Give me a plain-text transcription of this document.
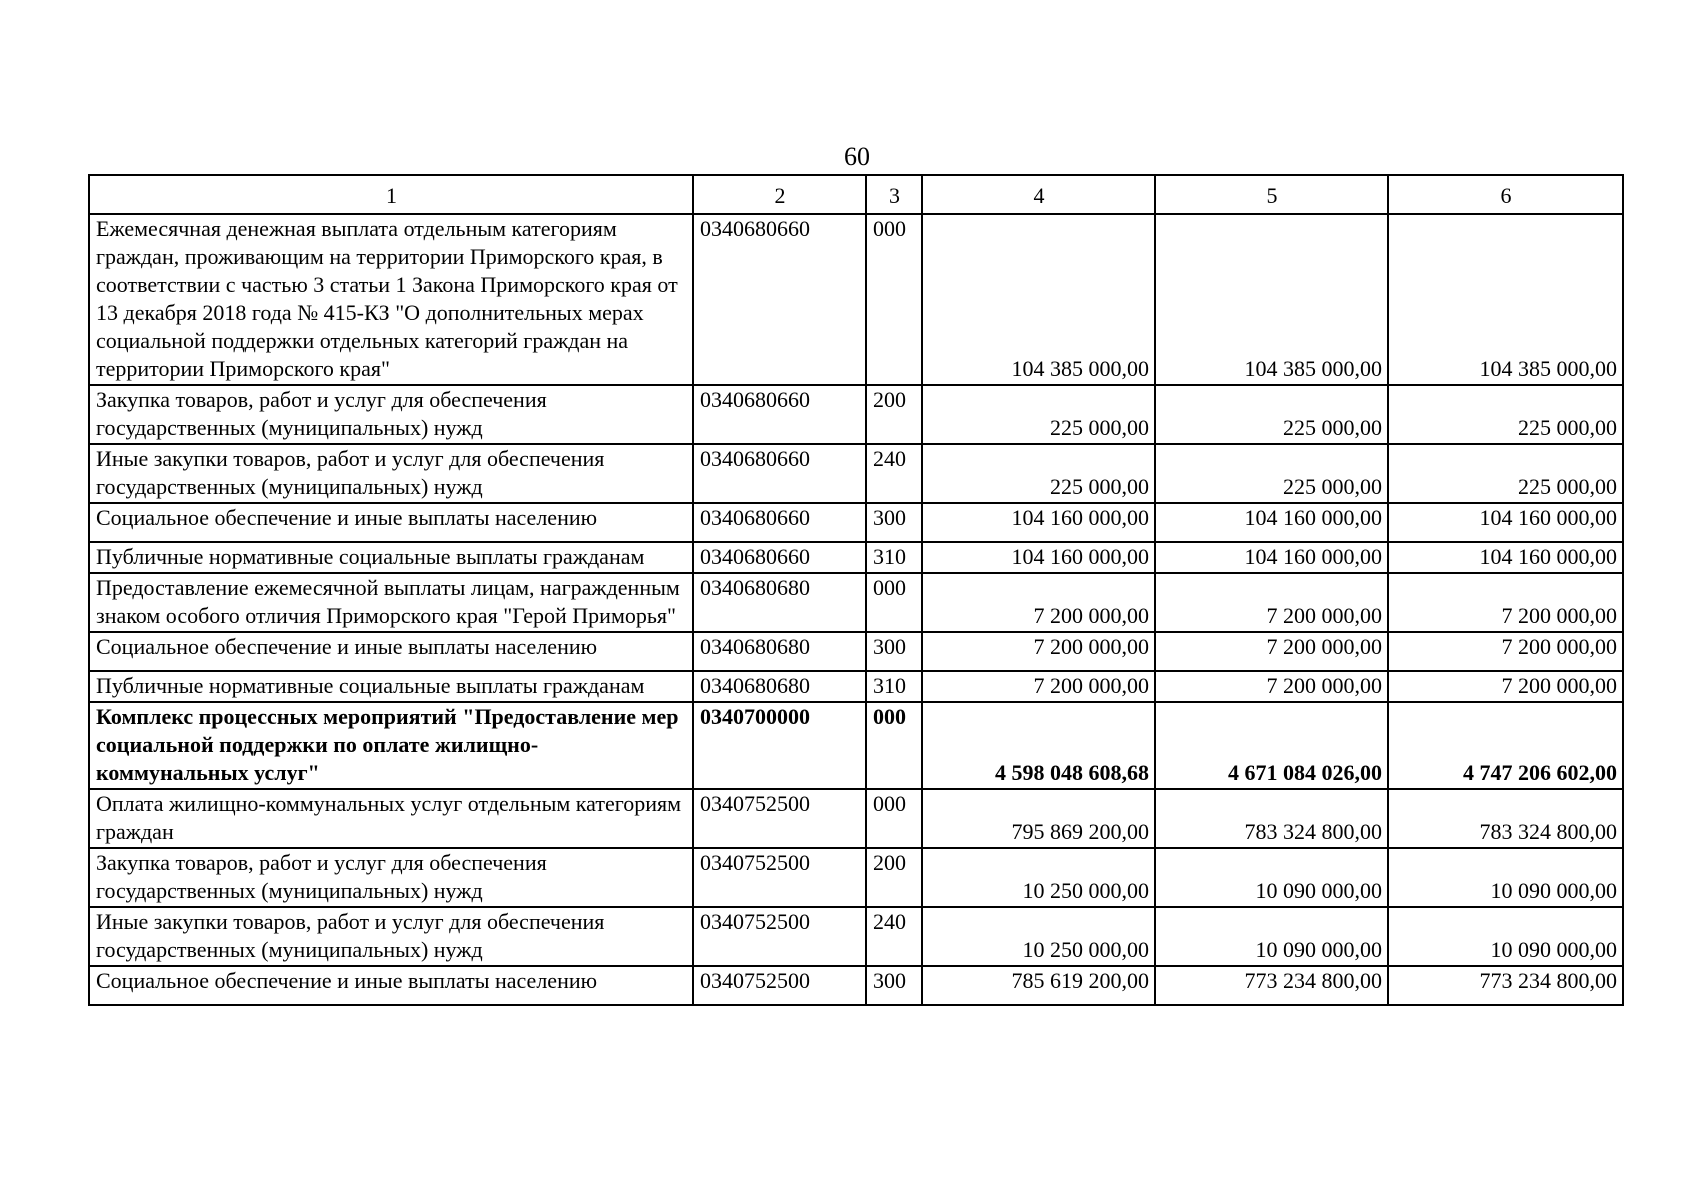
60
1	2	3	4	5	6
Ежемесячная денежная выплата отдельным категориям граждан, проживающим на территории Приморского края, в соответствии с частью 3 статьи 1 Закона Приморского края от 13 декабря 2018 года № 415-КЗ "О дополнительных мерах социальной поддержки отдельных категорий граждан на территории Приморского края"	0340680660	000	104 385 000,00	104 385 000,00	104 385 000,00
Закупка товаров, работ и услуг для обеспечения государственных (муниципальных) нужд	0340680660	200	225 000,00	225 000,00	225 000,00
Иные закупки товаров, работ и услуг для обеспечения государственных (муниципальных) нужд	0340680660	240	225 000,00	225 000,00	225 000,00
Социальное обеспечение и иные выплаты населению	0340680660	300	104 160 000,00	104 160 000,00	104 160 000,00
Публичные нормативные социальные выплаты гражданам	0340680660	310	104 160 000,00	104 160 000,00	104 160 000,00
Предоставление ежемесячной выплаты лицам, награжденным знаком особого отличия Приморского края "Герой Приморья"	0340680680	000	7 200 000,00	7 200 000,00	7 200 000,00
Социальное обеспечение и иные выплаты населению	0340680680	300	7 200 000,00	7 200 000,00	7 200 000,00
Публичные нормативные социальные выплаты гражданам	0340680680	310	7 200 000,00	7 200 000,00	7 200 000,00
Комплекс процессных мероприятий "Предоставление мер социальной поддержки по оплате жилищно-коммунальных услуг"	0340700000	000	4 598 048 608,68	4 671 084 026,00	4 747 206 602,00
Оплата жилищно-коммунальных услуг отдельным категориям граждан	0340752500	000	795 869 200,00	783 324 800,00	783 324 800,00
Закупка товаров, работ и услуг для обеспечения государственных (муниципальных) нужд	0340752500	200	10 250 000,00	10 090 000,00	10 090 000,00
Иные закупки товаров, работ и услуг для обеспечения государственных (муниципальных) нужд	0340752500	240	10 250 000,00	10 090 000,00	10 090 000,00
Социальное обеспечение и иные выплаты населению	0340752500	300	785 619 200,00	773 234 800,00	773 234 800,00
